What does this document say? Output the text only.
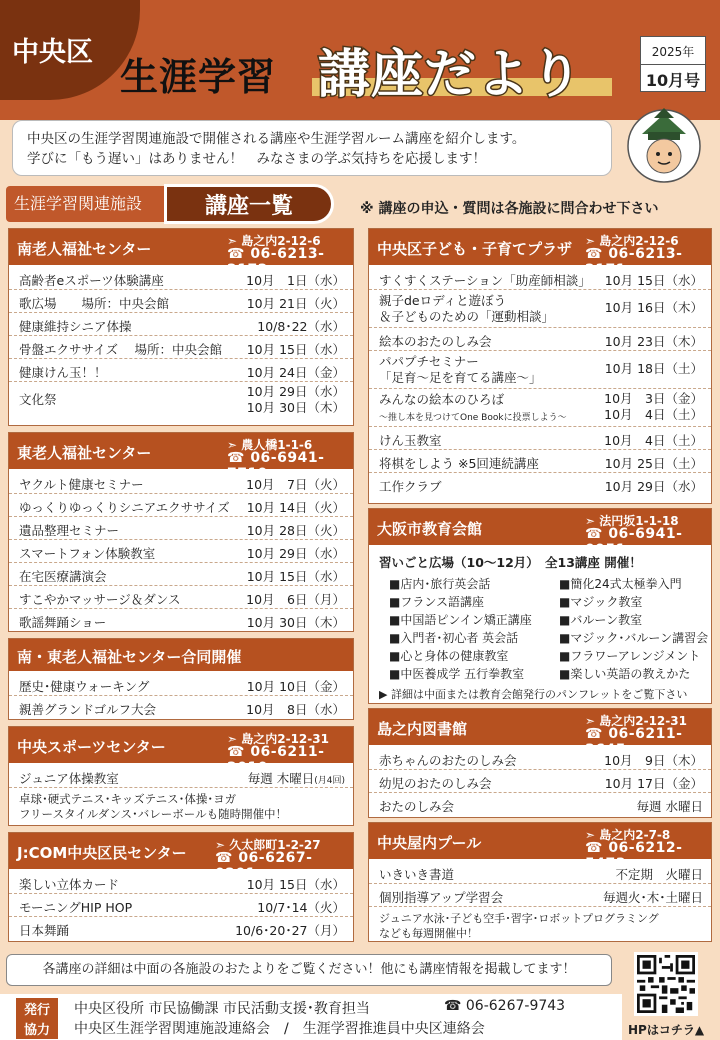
中央区
生涯学習 講座だより	2025年
10月号
中央区の生涯学習関連施設で開催される講座や生涯学習ルーム講座を紹介します。
学びに「もう遅い」はありません！　みなさまの学ぶ気持ちを応援します！
生涯学習関連施設	講座一覧	※ 講座の申込・質問は各施設に問合わせ下さい
南老人福祉センター	➣ 島之内2-12-6
☎ 06-6213-2172
高齢者eスポーツ体験講座	10月　1日（水）
歌広場　　場所：中央会館	10月 21日（火）
健康維持シニア体操	10/8･22（水）
骨盤エクササイズ　 場所：中央会館 10月 15日（水）
健康けん玉！！	10月 24日（金）
文化祭
10月 29日（水）
10月 30日（木）
東老人福祉センター	➣ 農人橋1-1-6
☎ 06-6941-7719
ヤクルト健康セミナー	10月　7日（火）
ゆっくりゆっくりシニアエクササイズ 10月 14日（火）
遺品整理セミナー	10月 28日（火）
スマートフォン体験教室	10月 29日（水）
在宅医療講演会	10月 15日（水）
すこやかマッサージ＆ダンス	10月　6日（月）
歌謡舞踊ショー	10月 30日（木）
南・東老人福祉センター合同開催
歴史･健康ウォーキング	10月 10日（金）
親善グランドゴルフ大会	10月　8日（水）
中央スポーツセンター	➣ 島之内2-12-31
☎ 06-6211-2010
ジュニア体操教室	毎週 木曜日(月4回)
卓球･硬式テニス･キッズテニス･体操･ヨガ
フリースタイルダンス･バレーボールも随時開催中！
J:COM中央区民センター ➣ 久太郎町1-2-27
☎ 06-6267-0201
楽しい立体カード	10月 15日（水）
モーニングHIP HOP	10/7･14（火）
日本舞踊	10/6･20･27（月）
中央区子ども・子育てプラザ ➣ 島之内2-12-6
☎ 06-6213-2171
すくすくステーション「助産師相談」 10月 15日（水）
親子deロディと遊ぼう
＆子どものための「運動相談」
10月 16日（木）
絵本のおたのしみ会	10月 23日（木）
パパプチセミナー
「足育～足を育てる講座～」
10月 18日（土）
みんなの絵本のひろば
～推し本を見つけてOne Bookに投票しよう～
10月　3日（金）
10月　4日（土）
けん玉教室	10月　4日（土）
将棋をしよう ※5回連続講座	10月 25日（土）
工作クラブ	10月 29日（水）
大阪市教育会館	➣ 法円坂1-1-18
☎ 06-6941-0951
習いごと広場（10～12月）　全13講座 開催！
■店内･旅行英会話
■フランス語講座
■中国語ピンイン矯正講座
■入門者･初心者 英会話
■心と身体の健康教室
■中医養成学 五行拳教室
■簡化24式太極拳入門
■マジック教室
■バルーン教室
■マジック･バルーン講習会
■フラワーアレンジメント
■楽しい英語の教えかた
▶ 詳細は中面または教育会館発行のパンフレットをご覧下さい
島之内図書館	➣ 島之内2-12-31
☎ 06-6211-3645
赤ちゃんのおたのしみ会	10月　9日（木）
幼児のおたのしみ会	10月 17日（金）
おたのしみ会	毎週 水曜日
中央屋内プール	➣ 島之内2-7-8
☎ 06-6212-5473
いきいき書道	不定期　火曜日
個別指導アップ学習会	毎週火･木･土曜日
ジュニア水泳･子ども空手･習字･ロボットプログラミング
なども毎週開催中！
各講座の詳細は中面の各施設のおたよりをご覧ください！他にも講座情報を掲載してます！
HPはコチラ▲
発行	中央区役所 市民協働課 市民活動支援･教育担当	☎ 06-6267-9743
協力	中央区生涯学習関連施設連絡会　/　生涯学習推進員中央区連絡会
